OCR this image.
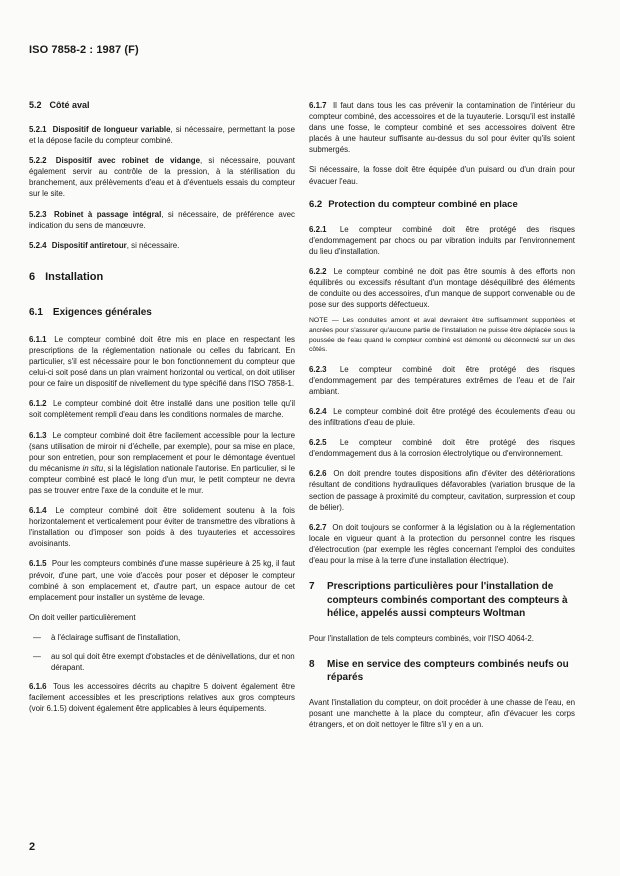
ISO 7858-2 : 1987 (F)
5.2 Côté aval

5.2.1 Dispositif de longueur variable, si nécessaire, permettant la pose et la dépose facile du compteur combiné.

5.2.2 Dispositif avec robinet de vidange, si nécessaire, pouvant également servir au contrôle de la pression, à la stérilisation du branchement, aux prélèvements d'eau et à d'éventuels essais du compteur sur le site.

5.2.3 Robinet à passage intégral, si nécessaire, de préférence avec indication du sens de manœuvre.

5.2.4 Dispositif antiretour, si nécessaire.

6 Installation
6.1 Exigences générales

6.1.1 Le compteur combiné doit être mis en place en respectant les prescriptions de la réglementation nationale ou celles du fabricant. En particulier, s'il est nécessaire pour le bon fonctionnement du compteur que celui-ci soit posé dans un plan vraiment horizontal ou vertical, on doit utiliser pour ce faire un dispositif de nivellement du type spécifié dans l'ISO 7858-1.

6.1.2 Le compteur combiné doit être installé dans une position telle qu'il soit complètement rempli d'eau dans les conditions normales de marche.

6.1.3 Le compteur combiné doit être facilement accessible pour la lecture (sans utilisation de miroir ni d'échelle, par exemple), pour sa mise en place, pour son entretien, pour son remplacement et pour le démontage éventuel du mécanisme in situ, si la législation nationale l'autorise. En particulier, si le compteur combiné est placé le long d'un mur, le petit compteur ne devra pas se trouver entre l'axe de la conduite et le mur.

6.1.4 Le compteur combiné doit être solidement soutenu à la fois horizontalement et verticalement pour éviter de transmettre des vibrations à l'installation ou d'imposer son poids à des tuyauteries et accessoires avoisinants.

6.1.5 Pour les compteurs combinés d'une masse supérieure à 25 kg, il faut prévoir, d'une part, une voie d'accès pour poser et déposer le compteur combiné à son emplacement et, d'autre part, un espace autour de cet emplacement pour installer un système de levage.

On doit veiller particulièrement

—	à l'éclairage suffisant de l'installation,
—	au sol qui doit être exempt d'obstacles et de dénivellations, dur et non dérapant.

6.1.6 Tous les accessoires décrits au chapitre 5 doivent également être facilement accessibles et les prescriptions relatives aux gros compteurs (voir 6.1.5) doivent également être applicables à leurs équipements.

6.1.7 Il faut dans tous les cas prévenir la contamination de l'intérieur du compteur combiné, des accessoires et de la tuyauterie. Lorsqu'il est installé dans une fosse, le compteur combiné et ses accessoires doivent être placés à une hauteur suffisante au-dessus du sol pour éviter qu'ils soient submergés.

Si nécessaire, la fosse doit être équipée d'un puisard ou d'un drain pour évacuer l'eau.

6.2 Protection du compteur combiné en place

6.2.1 Le compteur combiné doit être protégé des risques d'endommagement par chocs ou par vibration induits par l'environnement du lieu d'installation.

6.2.2 Le compteur combiné ne doit pas être soumis à des efforts non équilibrés ou excessifs résultant d'un montage déséquilibré des éléments de conduite ou des accessoires, d'un manque de support convenable ou de pose sur des supports défectueux.

NOTE — Les conduites amont et aval devraient être suffisamment supportées et ancrées pour s'assurer qu'aucune partie de l'installation ne puisse être déplacée sous la poussée de l'eau quand le compteur combiné est démonté ou déconnecté sur un des côtés.

6.2.3 Le compteur combiné doit être protégé des risques d'endommagement par des températures extrêmes de l'eau et de l'air ambiant.

6.2.4 Le compteur combiné doit être protégé des écoulements d'eau ou des infiltrations d'eau de pluie.

6.2.5 Le compteur combiné doit être protégé des risques d'endommagement dus à la corrosion électrolytique ou d'environnement.

6.2.6 On doit prendre toutes dispositions afin d'éviter des détériorations résultant de conditions hydrauliques défavorables (variation brusque de la section de passage à proximité du compteur, cavitation, surpression et coup de bélier).

6.2.7 On doit toujours se conformer à la législation ou à la réglementation locale en vigueur quant à la protection du personnel contre les risques d'électrocution (par exemple les règles concernant l'emploi des conduites d'eau pour la mise à la terre d'une installation électrique).

7	Prescriptions particulières pour l'installation de compteurs combinés comportant des compteurs à hélice, appelés aussi compteurs Woltman

Pour l'installation de tels compteurs combinés, voir l'ISO 4064-2.

8	Mise en service des compteurs combinés neufs ou réparés

Avant l'installation du compteur, on doit procéder à une chasse de l'eau, en posant une manchette à la place du compteur, afin d'évacuer les corps étrangers, et on doit nettoyer le filtre s'il y en a un.

2
